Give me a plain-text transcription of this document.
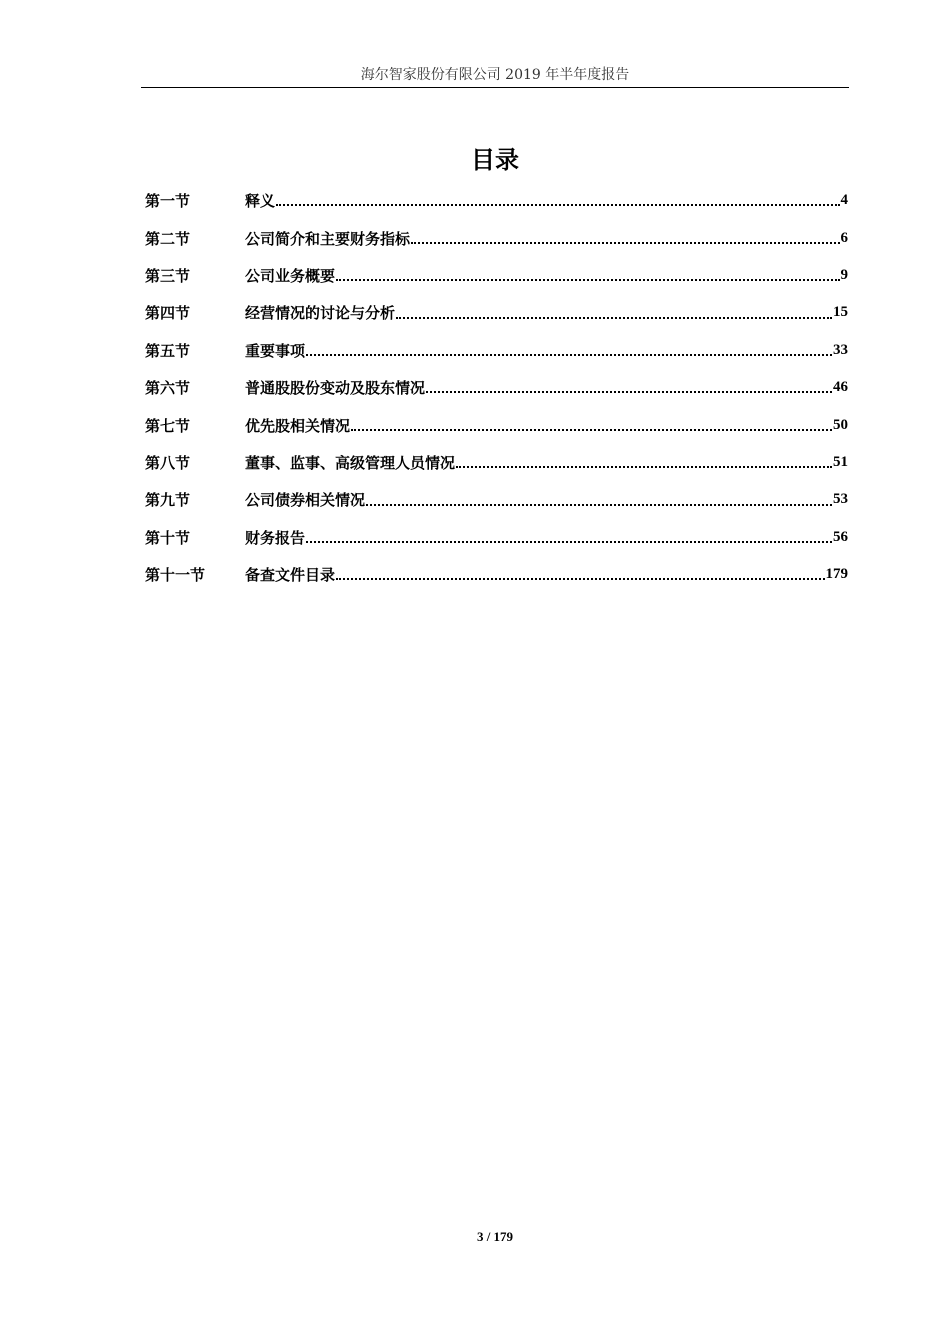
海尔智家股份有限公司 2019 年半年度报告
目录
第一节	释义	4
第二节	公司简介和主要财务指标	6
第三节	公司业务概要	9
第四节	经营情况的讨论与分析	15
第五节	重要事项	33
第六节	普通股股份变动及股东情况	46
第七节	优先股相关情况	50
第八节	董事、监事、高级管理人员情况	51
第九节	公司债券相关情况	53
第十节	财务报告	56
第十一节	备查文件目录	179
3 / 179
